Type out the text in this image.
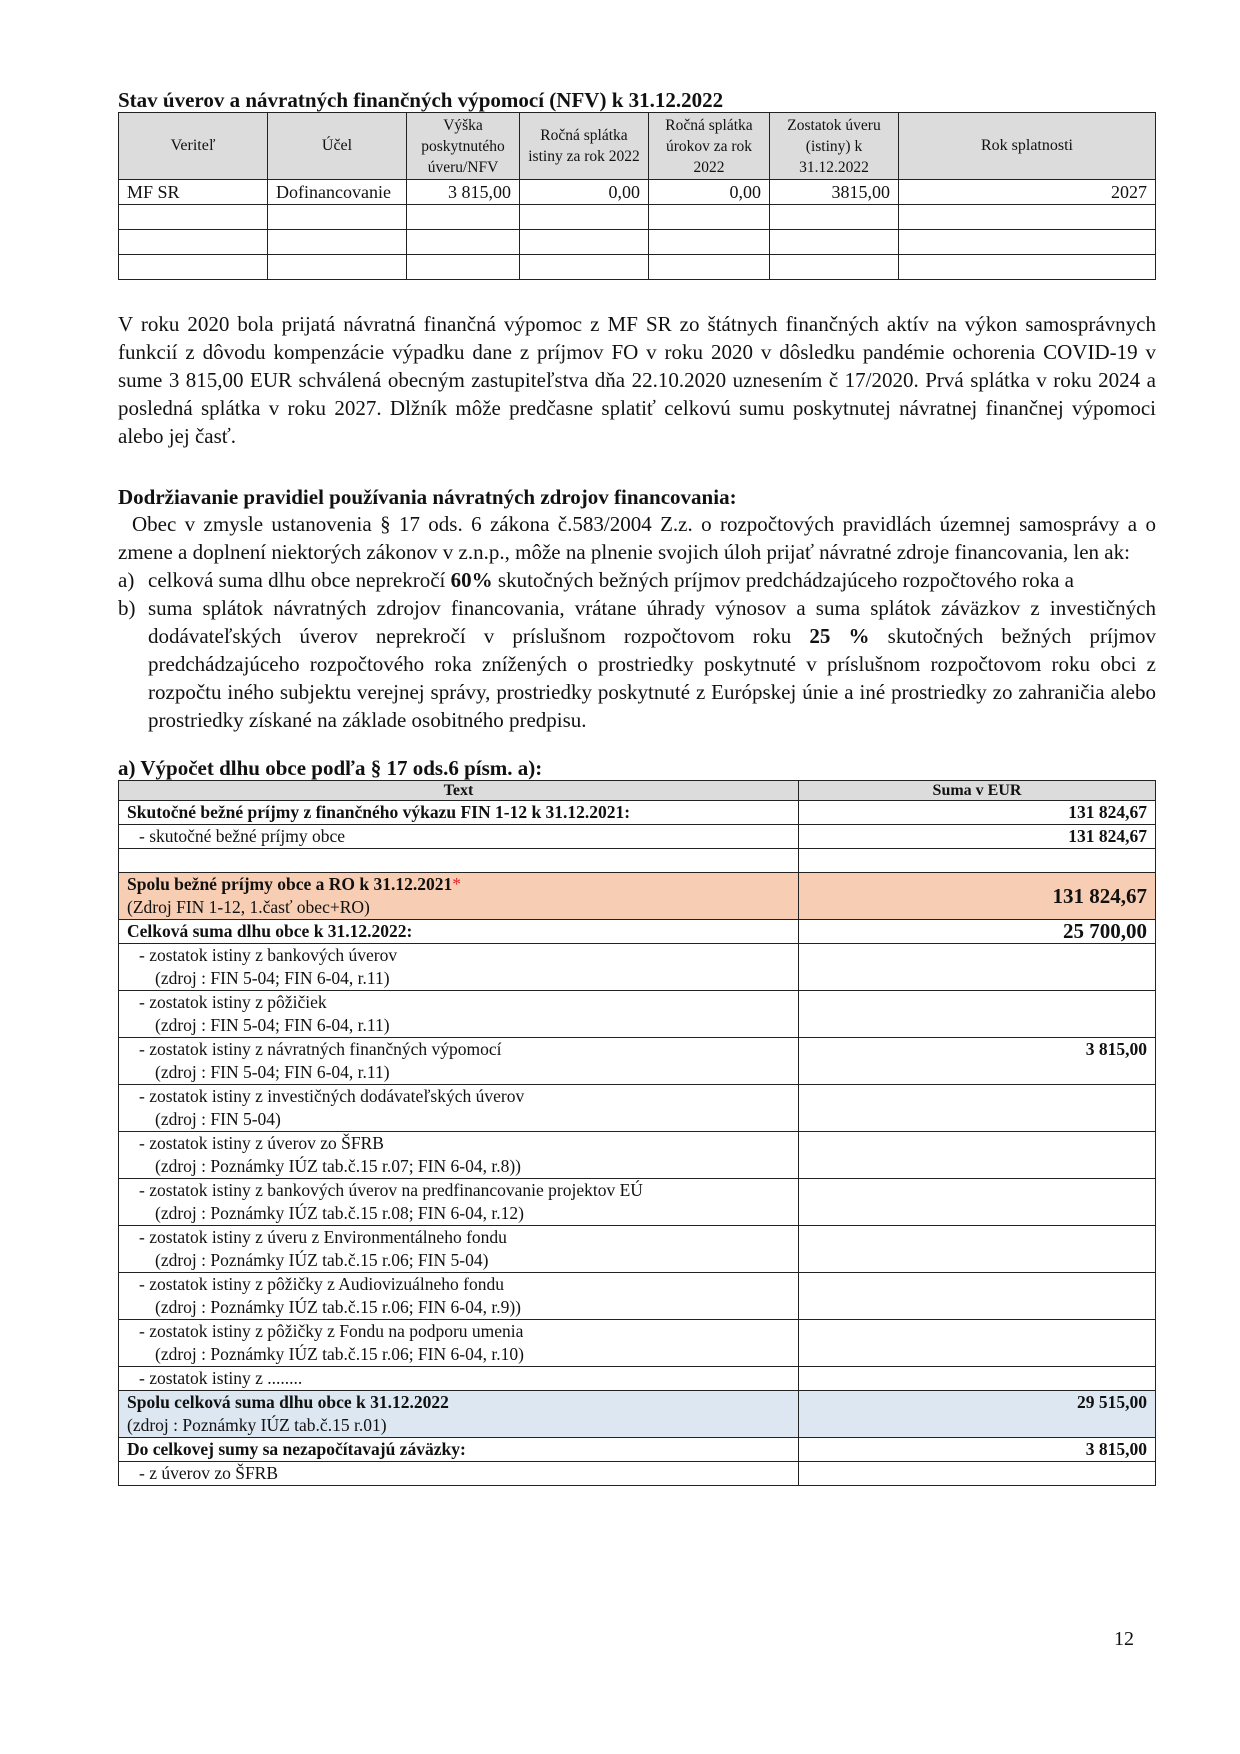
Stav úverov a návratných finančných výpomocí (NFV) k 31.12.2022
Veriteľ	Účel	Výška poskytnutého úveru/NFV	Ročná splátka istiny za rok 2022	Ročná splátka úrokov za rok 2022	Zostatok úveru (istiny) k 31.12.2022	Rok splatnosti
MF SR	Dofinancovanie	3 815,00	0,00	0,00	3815,00	2027

V roku 2020 bola prijatá návratná finančná výpomoc z MF SR zo štátnych finančných aktív na výkon samosprávnych funkcií z dôvodu kompenzácie výpadku dane z príjmov FO v roku 2020 v dôsledku pandémie ochorenia COVID-19 v sume 3 815,00 EUR schválená obecným zastupiteľstva dňa 22.10.2020 uznesením č 17/2020. Prvá splátka v roku 2024 a posledná splátka v roku 2027. Dlžník môže predčasne splatiť celkovú sumu poskytnutej návratnej finančnej výpomoci alebo jej časť.

Dodržiavanie pravidiel používania návratných zdrojov financovania:

Obec v zmysle ustanovenia § 17 ods. 6 zákona č.583/2004 Z.z. o rozpočtových pravidlách územnej samosprávy a o zmene a doplnení niektorých zákonov v z.n.p., môže na plnenie svojich úloh prijať návratné zdroje financovania, len ak:

a) celková suma dlhu obce neprekročí 60% skutočných bežných príjmov predchádzajúceho rozpočtového roka a
b) suma splátok návratných zdrojov financovania, vrátane úhrady výnosov a suma splátok záväzkov z investičných dodávateľských úverov neprekročí v príslušnom rozpočtovom roku 25 % skutočných bežných príjmov predchádzajúceho rozpočtového roka znížených o prostriedky poskytnuté v príslušnom rozpočtovom roku obci z rozpočtu iného subjektu verejnej správy, prostriedky poskytnuté z Európskej únie a iné prostriedky zo zahraničia alebo prostriedky získané na základe osobitného predpisu.
a) Výpočet dlhu obce podľa § 17 ods.6 písm. a):
Text	Suma v EUR
Skutočné bežné príjmy z finančného výkazu FIN 1-12 k 31.12.2021:	131 824,67
- skutočné bežné príjmy obce	131 824,67

Spolu bežné príjmy obce a RO k 31.12.2021*
(Zdroj FIN 1-12, 1.časť obec+RO)	131 824,67
Celková suma dlhu obce k 31.12.2022:	25 700,00

- zostatok istiny z bankových úverov
(zdroj : FIN 5-04; FIN 6-04, r.11)	

- zostatok istiny z pôžičiek
(zdroj : FIN 5-04; FIN 6-04, r.11)	

- zostatok istiny z návratných finančných výpomocí
(zdroj : FIN 5-04; FIN 6-04, r.11)	3 815,00

- zostatok istiny z investičných dodávateľských úverov
(zdroj : FIN 5-04)	

- zostatok istiny z úverov zo ŠFRB
(zdroj : Poznámky IÚZ tab.č.15 r.07; FIN 6-04, r.8))	

- zostatok istiny z bankových úverov na predfinancovanie projektov EÚ
(zdroj : Poznámky IÚZ tab.č.15 r.08; FIN 6-04, r.12)	

- zostatok istiny z úveru z Environmentálneho fondu
(zdroj : Poznámky IÚZ tab.č.15 r.06; FIN 5-04)	

- zostatok istiny z pôžičky z Audiovizuálneho fondu
(zdroj : Poznámky IÚZ tab.č.15 r.06; FIN 6-04, r.9))	

- zostatok istiny z pôžičky z Fondu na podporu umenia
(zdroj : Poznámky IÚZ tab.č.15 r.06; FIN 6-04, r.10)	

- zostatok istiny z ........	
Spolu celková suma dlhu obce k 31.12.2022
(zdroj : Poznámky IÚZ tab.č.15 r.01)	29 515,00
Do celkovej sumy sa nezapočítavajú záväzky:	3 815,00
- z úverov zo ŠFRB	
12
